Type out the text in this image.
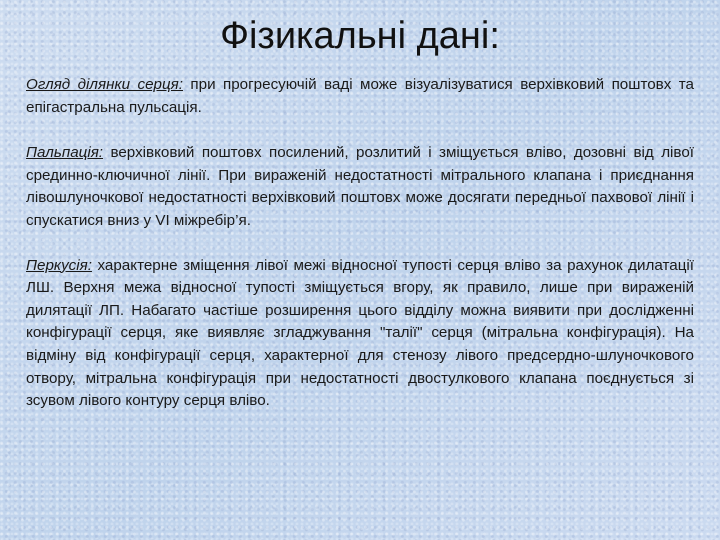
Фізикальні дані:

Огляд ділянки серця: при прогресуючій ваді може візуалізуватися верхівковий поштовх та епігастральна пульсація.

Пальпація: верхівковий поштовх посилений, розлитий і зміщується вліво, дозовні від лівої срединно-ключичної лінії. При вираженій недостатності мітрального клапана і приєднання лівошлуночкової недостатності верхівковий поштовх може досягати передньої пахвової лінії і спускатися вниз у VI міжребір’я.

Перкусія: характерне зміщення лівої межі відносної тупості серця вліво за рахунок дилатації ЛШ. Верхня межа відносної тупості зміщується вгору, як правило, лише при вираженій дилятації ЛП. Набагато частіше розширення цього відділу можна виявити при дослідженні конфігурації серця, яке виявляє згладжування "талії" серця (мітральна конфігурація). На відміну від конфігурації серця, характерної для стенозу лівого предсердно-шлуночкового отвору, мітральна конфігурація при недостатності двостулкового клапана поєднується зі зсувом лівого контуру серця вліво.
